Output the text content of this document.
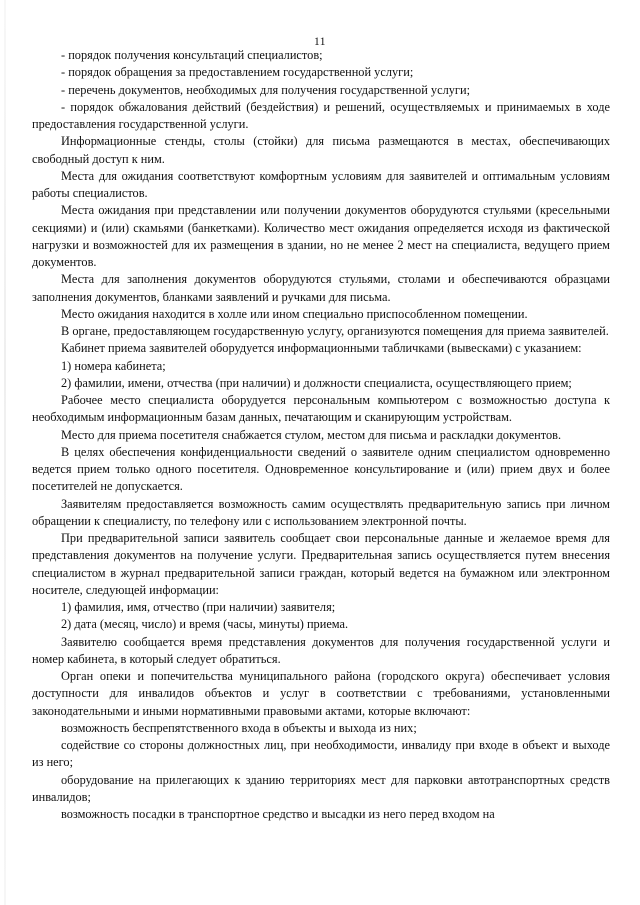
11

- порядок получения консультаций специалистов;

- порядок обращения за предоставлением государственной услуги;

- перечень документов, необходимых для получения государственной услуги;

- порядок обжалования действий (бездействия) и решений, осуществляемых и принимаемых в ходе предоставления государственной услуги.

Информационные стенды, столы (стойки) для письма размещаются в местах, обеспечивающих свободный доступ к ним.

Места для ожидания соответствуют комфортным условиям для заявителей и оптимальным условиям работы специалистов.

Места ожидания при представлении или получении документов оборудуются стульями (кресельными секциями) и (или) скамьями (банкетками). Количество мест ожидания определяется исходя из фактической нагрузки и возможностей для их размещения в здании, но не менее 2 мест на специалиста, ведущего прием документов.

Места для заполнения документов оборудуются стульями, столами и обеспечиваются образцами заполнения документов, бланками заявлений и ручками для письма.

Место ожидания находится в холле или ином специально приспособленном помещении.

В органе, предоставляющем государственную услугу, организуются помещения для приема заявителей.

Кабинет приема заявителей оборудуется информационными табличками (вывесками) с указанием:

1) номера кабинета;

2) фамилии, имени, отчества (при наличии) и должности специалиста, осуществляющего прием;

Рабочее место специалиста оборудуется персональным компьютером с возможностью доступа к необходимым информационным базам данных, печатающим и сканирующим устройствам.

Место для приема посетителя снабжается стулом, местом для письма и раскладки документов.

В целях обеспечения конфиденциальности сведений о заявителе одним специалистом одновременно ведется прием только одного посетителя. Одновременное консультирование и (или) прием двух и более посетителей не допускается.

Заявителям предоставляется возможность самим осуществлять предварительную запись при личном обращении к специалисту, по телефону или с использованием электронной почты.

При предварительной записи заявитель сообщает свои персональные данные и желаемое время для представления документов на получение услуги. Предварительная запись осуществляется путем внесения специалистом в журнал предварительной записи граждан, который ведется на бумажном или электронном носителе, следующей информации:

1) фамилия, имя, отчество (при наличии) заявителя;

2) дата (месяц, число) и время (часы, минуты) приема.

Заявителю сообщается время представления документов для получения государственной услуги и номер кабинета, в который следует обратиться.

Орган опеки и попечительства муниципального района (городского округа) обеспечивает условия доступности для инвалидов объектов и услуг в соответствии с требованиями, установленными законодательными и иными нормативными правовыми актами, которые включают:

возможность беспрепятственного входа в объекты и выхода из них;

содействие со стороны должностных лиц, при необходимости, инвалиду при входе в объект и выходе из него;

оборудование на прилегающих к зданию территориях мест для парковки автотранспортных средств инвалидов;

возможность посадки в транспортное средство и высадки из него перед входом на
